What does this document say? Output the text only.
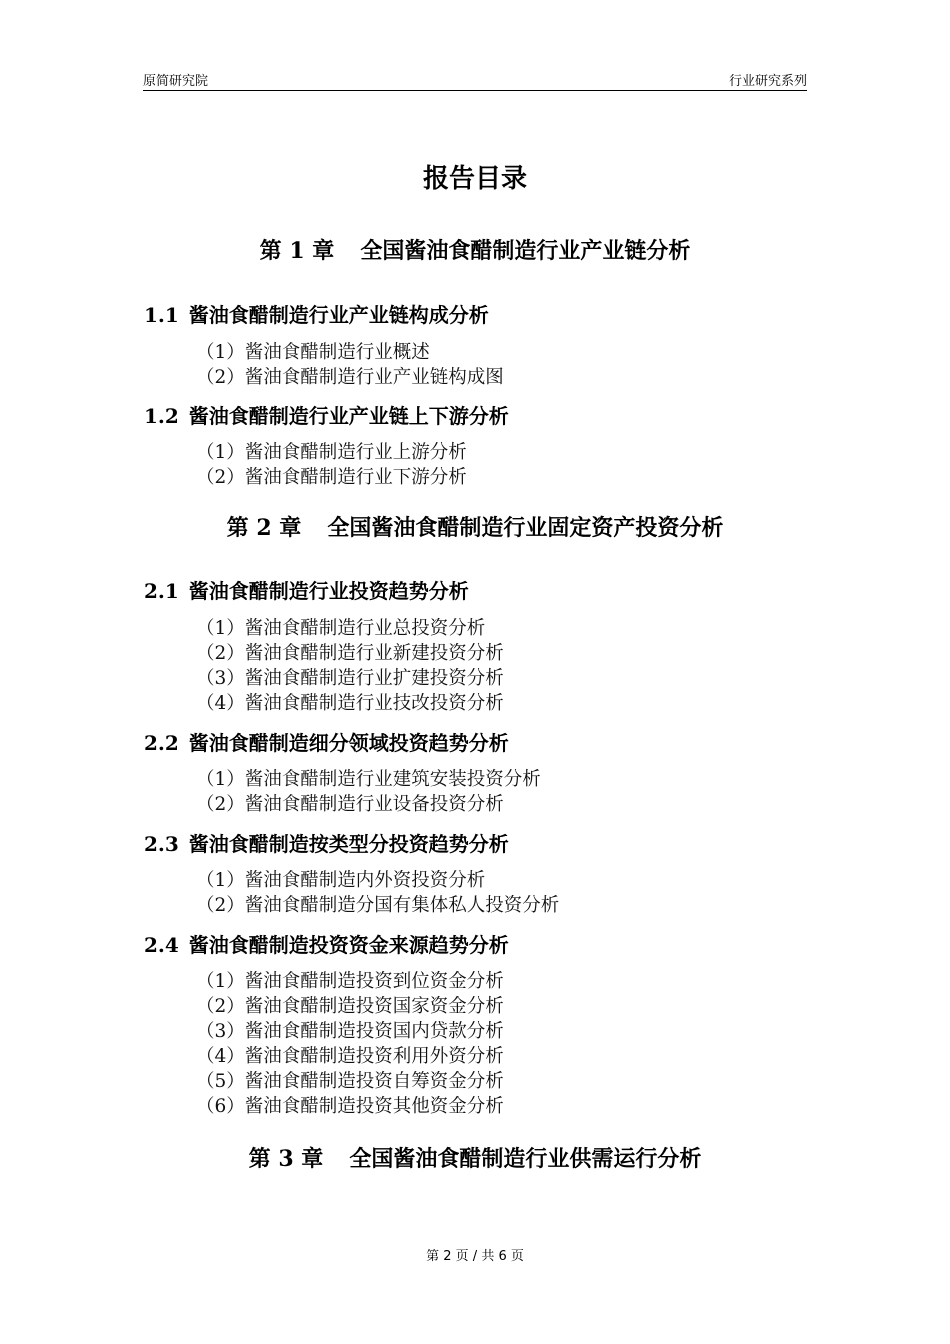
原简研究院	行业研究系列
报告目录
第 1 章 全国酱油食醋制造行业产业链分析
1.1 酱油食醋制造行业产业链构成分析
（1）酱油食醋制造行业概述
（2）酱油食醋制造行业产业链构成图
1.2 酱油食醋制造行业产业链上下游分析
（1）酱油食醋制造行业上游分析
（2）酱油食醋制造行业下游分析
第 2 章 全国酱油食醋制造行业固定资产投资分析
2.1 酱油食醋制造行业投资趋势分析
（1）酱油食醋制造行业总投资分析
（2）酱油食醋制造行业新建投资分析
（3）酱油食醋制造行业扩建投资分析
（4）酱油食醋制造行业技改投资分析
2.2 酱油食醋制造细分领域投资趋势分析
（1）酱油食醋制造行业建筑安装投资分析
（2）酱油食醋制造行业设备投资分析
2.3 酱油食醋制造按类型分投资趋势分析
（1）酱油食醋制造内外资投资分析
（2）酱油食醋制造分国有集体私人投资分析
2.4 酱油食醋制造投资资金来源趋势分析
（1）酱油食醋制造投资到位资金分析
（2）酱油食醋制造投资国家资金分析
（3）酱油食醋制造投资国内贷款分析
（4）酱油食醋制造投资利用外资分析
（5）酱油食醋制造投资自筹资金分析
（6）酱油食醋制造投资其他资金分析
第 3 章 全国酱油食醋制造行业供需运行分析
第 2 页 / 共 6 页
